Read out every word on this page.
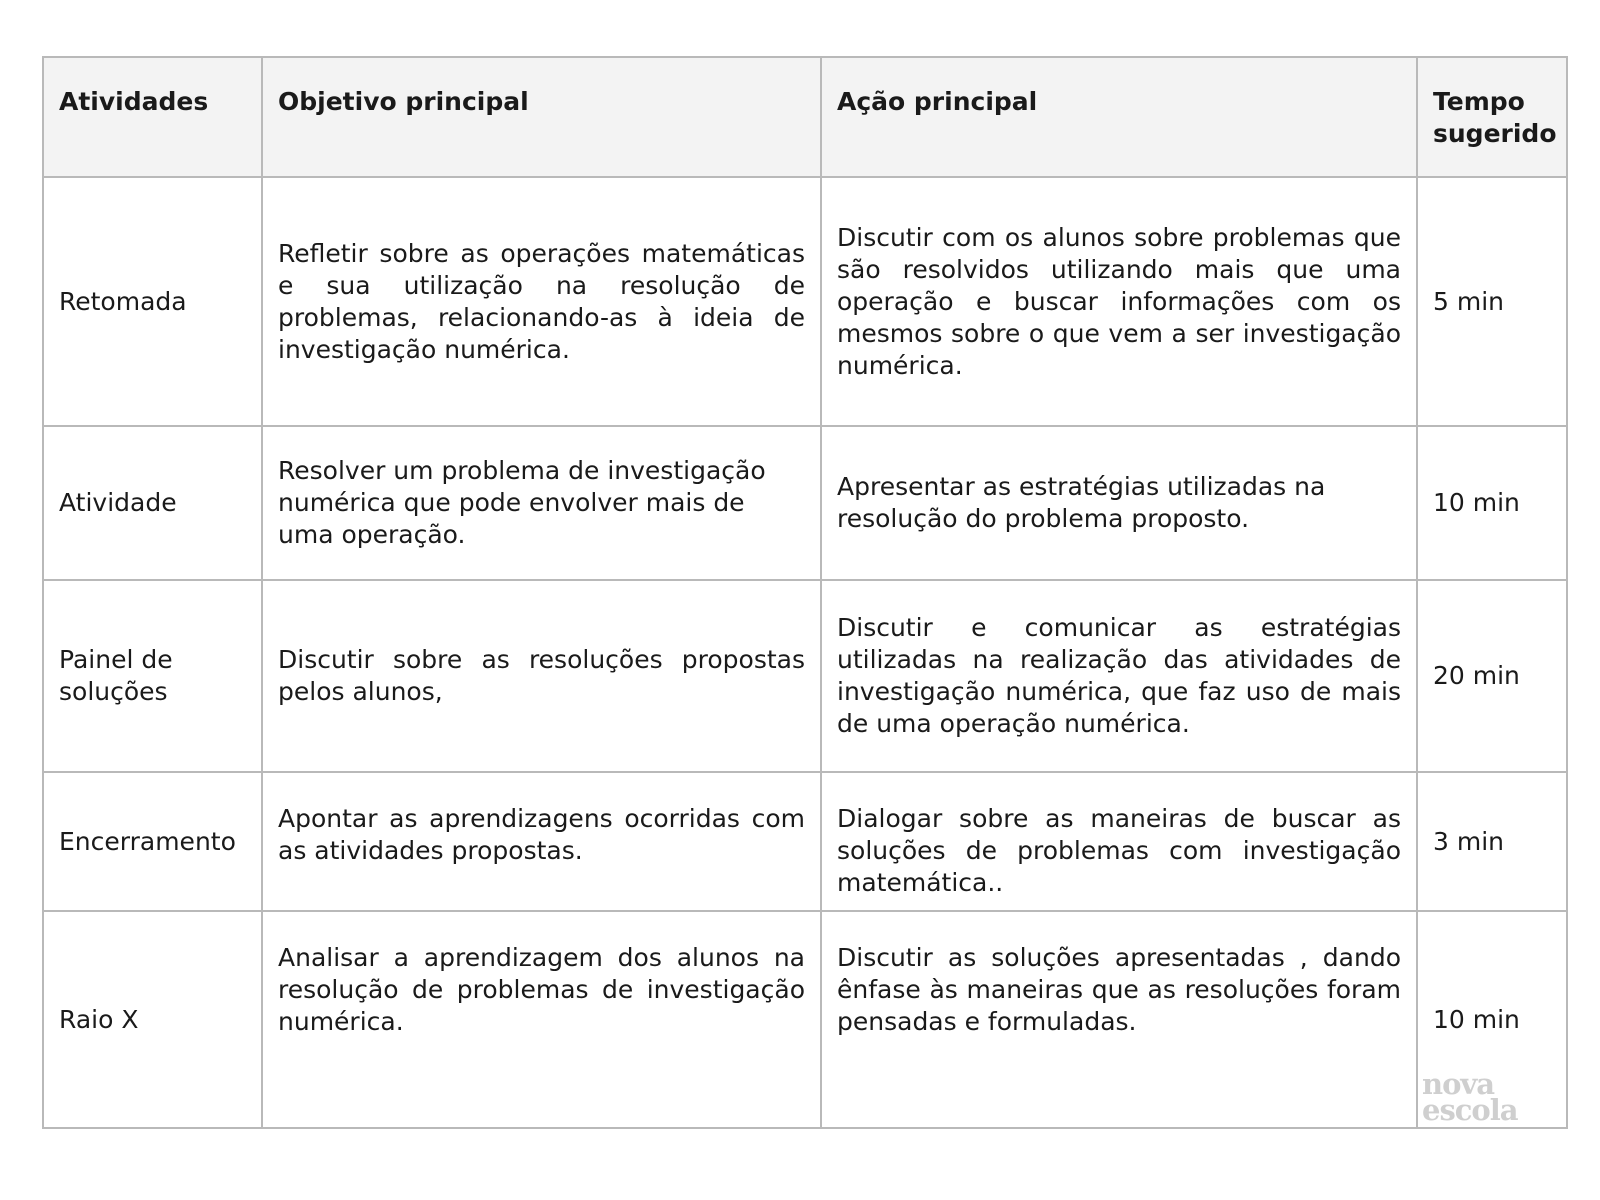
Atividades	Objetivo principal	Ação principal	Tempo sugerido
Retomada	Refletir sobre as operações matemáticas e sua utilização na resolução de problemas, relacionando-as à ideia de investigação numérica.	Discutir com os alunos sobre problemas que são resolvidos utilizando mais que uma operação e buscar informações com os mesmos sobre o que vem a ser investigação numérica.	5 min
Atividade	Resolver um problema de investigação numérica que pode envolver mais de uma operação.	Apresentar as estratégias utilizadas na resolução do problema proposto.	10 min
Painel de soluções	Discutir sobre as resoluções propostas pelos alunos,	Discutir e comunicar as estratégias utilizadas na realização das atividades de investigação numérica, que faz uso de mais de uma operação numérica.	20 min
Encerramento	Apontar as aprendizagens ocorridas com as atividades propostas.	Dialogar sobre as maneiras de buscar as soluções de problemas com investigação matemática..	3 min
Raio X	Analisar a aprendizagem dos alunos na resolução de problemas de investigação numérica.	Discutir as soluções apresentadas , dando ênfase às maneiras que as resoluções foram pensadas e formuladas.	10 min
nova
escola
